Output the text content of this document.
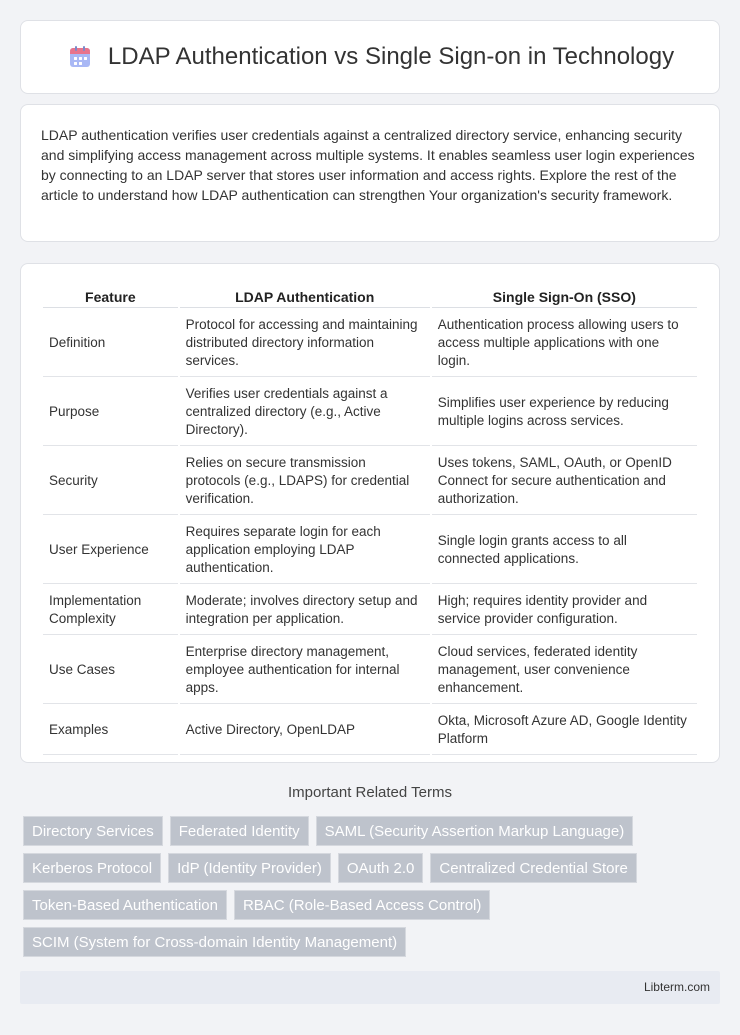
LDAP Authentication vs Single Sign-on in Technology

LDAP authentication verifies user credentials against a centralized directory service, enhancing security and simplifying access management across multiple systems. It enables seamless user login experiences by connecting to an LDAP server that stores user information and access rights. Explore the rest of the article to understand how LDAP authentication can strengthen Your organization's security framework.

Feature	LDAP Authentication	Single Sign-On (SSO)
Definition	Protocol for accessing and maintaining distributed directory information services.	Authentication process allowing users to access multiple applications with one login.
Purpose	Verifies user credentials against a centralized directory (e.g., Active Directory).	Simplifies user experience by reducing multiple logins across services.
Security	Relies on secure transmission protocols (e.g., LDAPS) for credential verification.	Uses tokens, SAML, OAuth, or OpenID Connect for secure authentication and authorization.
User Experience	Requires separate login for each application employing LDAP authentication.	Single login grants access to all connected applications.
Implementation Complexity	Moderate; involves directory setup and integration per application.	High; requires identity provider and service provider configuration.
Use Cases	Enterprise directory management, employee authentication for internal apps.	Cloud services, federated identity management, user convenience enhancement.
Examples	Active Directory, OpenLDAP	Okta, Microsoft Azure AD, Google Identity Platform
Important Related Terms
Directory Services	Federated Identity	SAML (Security Assertion Markup Language)
Kerberos Protocol	IdP (Identity Provider)	OAuth 2.0	Centralized Credential Store
Token-Based Authentication	RBAC (Role-Based Access Control)
SCIM (System for Cross-domain Identity Management)
Libterm.com
